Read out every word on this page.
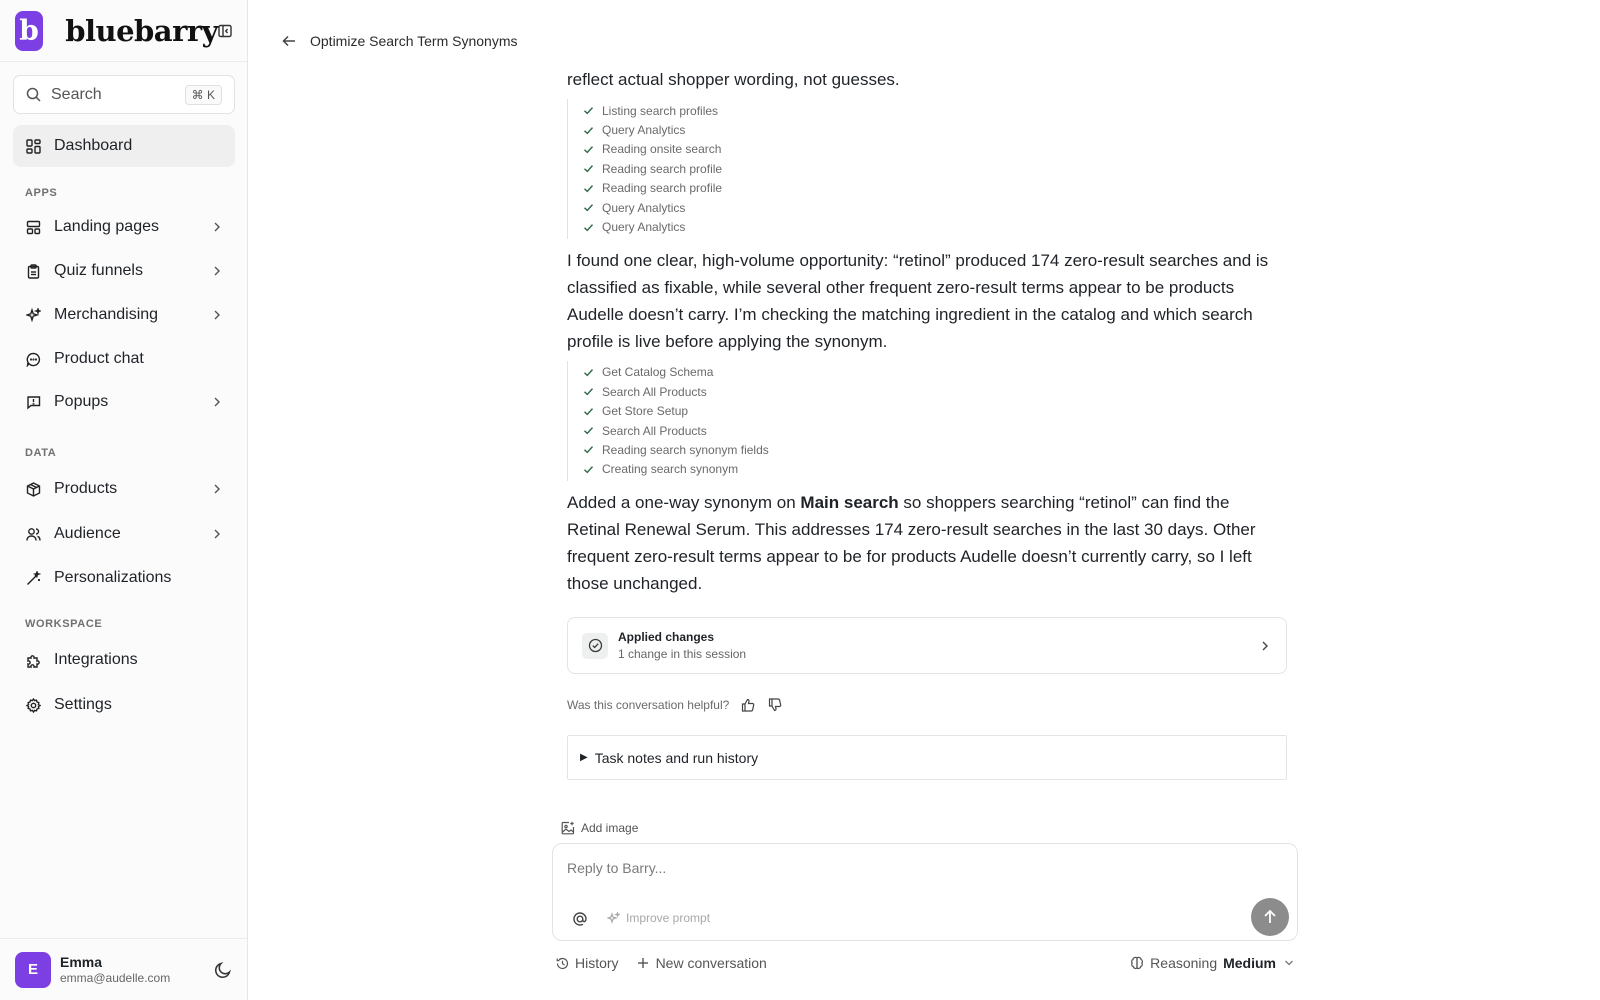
b bluebarry
Search	⌘ K
Dashboard
APPS
Landing pages
Quiz funnels
Merchandising
Product chat
Popups
DATA
Products
Audience
Personalizations
WORKSPACE
Integrations
Settings
E	Emma
emma@audelle.com
Optimize Search Term Synonyms

reflect actual shopper wording, not guesses.

Listing search profiles
Query Analytics
Reading onsite search
Reading search profile
Reading search profile
Query Analytics
Query Analytics

I found one clear, high-volume opportunity: “retinol” produced 174 zero-result searches and is classified as fixable, while several other frequent zero-result terms appear to be products Audelle doesn’t carry. I’m checking the matching ingredient in the catalog and which search profile is live before applying the synonym.

Get Catalog Schema
Search All Products
Get Store Setup
Search All Products
Reading search synonym fields
Creating search synonym

Added a one-way synonym on Main search so shoppers searching “retinol” can find the Retinal Renewal Serum. This addresses 174 zero-result searches in the last 30 days. Other frequent zero-result terms appear to be for products Audelle doesn’t currently carry, so I left those unchanged.

Applied changes
1 change in this session
Was this conversation helpful?
▶ Task notes and run history
Add image
Reply to Barry...
Improve prompt
History	New conversation	Reasoning Medium
